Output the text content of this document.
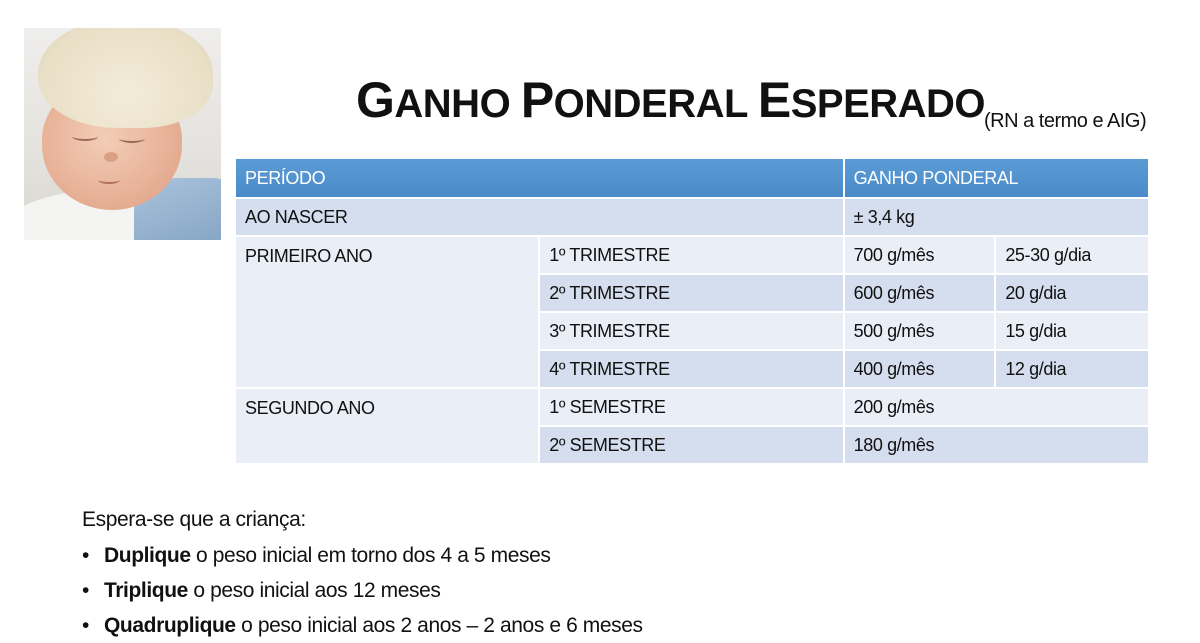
GANHO PONDERAL ESPERADO
(RN a termo e AIG)
PERÍODO		GANHO PONDERAL	
AO NASCER		± 3,4 kg	
PRIMEIRO ANO	1º TRIMESTRE	700 g/mês	25-30 g/dia
	2º TRIMESTRE	600 g/mês	20 g/dia
	3º TRIMESTRE	500 g/mês	15 g/dia
	4º TRIMESTRE	400 g/mês	12 g/dia
SEGUNDO ANO	1º SEMESTRE	200 g/mês	
	2º SEMESTRE	180 g/mês	
Espera-se que a criança:
• Duplique o peso inicial em torno dos 4 a 5 meses
• Triplique o peso inicial aos 12 meses
• Quadruplique o peso inicial aos 2 anos – 2 anos e 6 meses
